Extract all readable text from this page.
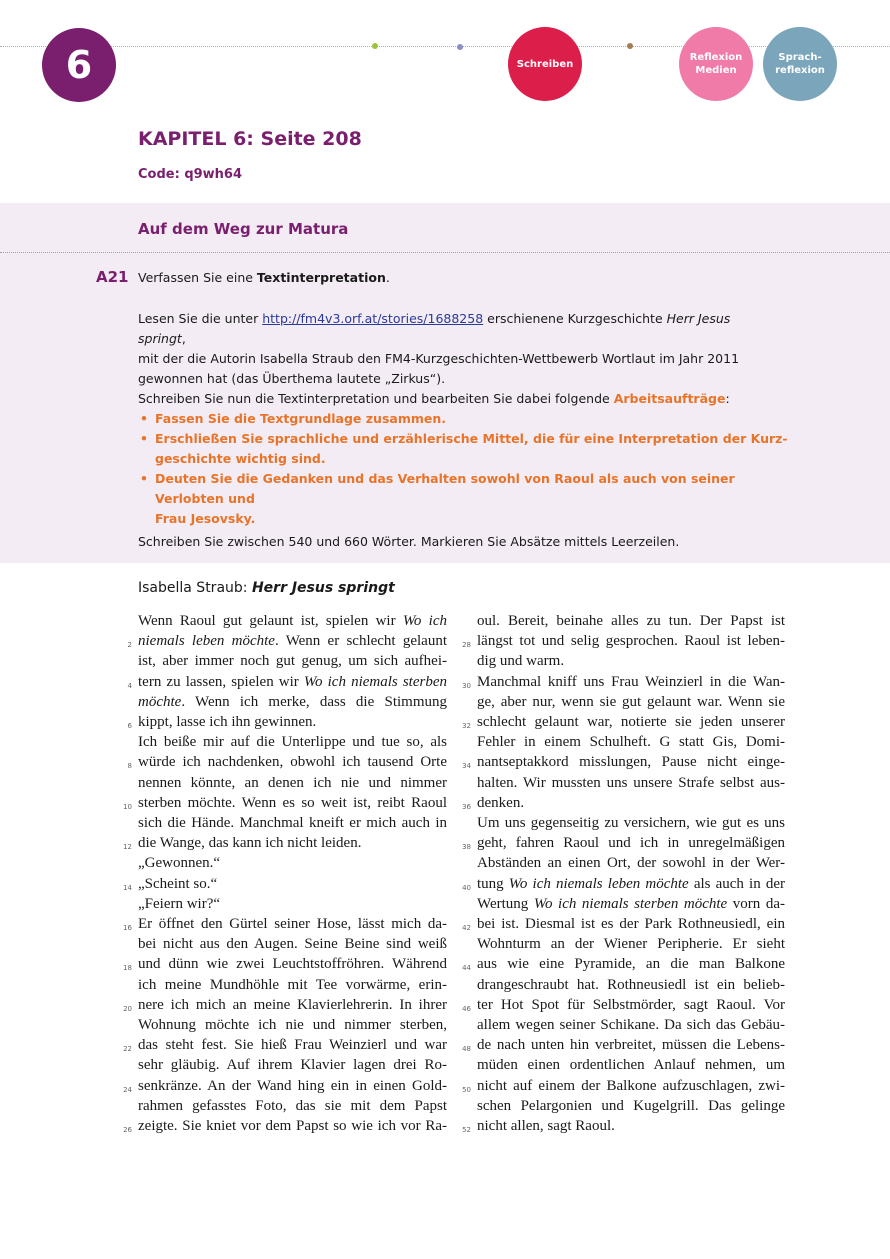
6	Schreiben
Reflexion
Medien
Sprach-
reflexion
KAPITEL 6: Seite 208
Code: q9wh64
Auf dem Weg zur Matura
A21 Verfassen Sie eine Textinterpretation.
Lesen Sie die unter http://fm4v3.orf.at/stories/1688258 erschienene Kurzgeschichte Herr Jesus springt,
mit der die Autorin Isabella Straub den FM4-Kurzgeschichten-Wettbewerb Wortlaut im Jahr 2011
gewonnen hat (das Überthema lautete „Zirkus“).
Schreiben Sie nun die Textinterpretation und bearbeiten Sie dabei folgende Arbeitsaufträge:
• Fassen Sie die Textgrundlage zusammen.
• Erschließen Sie sprachliche und erzählerische Mittel, die für eine Interpretation der Kurz-
geschichte wichtig sind.
• Deuten Sie die Gedanken und das Verhalten sowohl von Raoul als auch von seiner Verlobten und
Frau Jesovsky.
Schreiben Sie zwischen 540 und 660 Wörter. Markieren Sie Absätze mittels Leerzeilen.
Isabella Straub: Herr Jesus springt
Wenn Raoul gut gelaunt ist, spielen wir Wo ich
2 niemals leben möchte. Wenn er schlecht gelaunt
ist, aber immer noch gut genug, um sich aufhei-
4 tern zu lassen, spielen wir Wo ich niemals sterben
möchte. Wenn ich merke, dass die Stimmung
6 kippt, lasse ich ihn gewinnen.
Ich beiße mir auf die Unterlippe und tue so, als
8 würde ich nachdenken, obwohl ich tausend Orte
nennen könnte, an denen ich nie und nimmer
10 sterben möchte. Wenn es so weit ist, reibt Raoul
sich die Hände. Manchmal kneift er mich auch in
12 die Wange, das kann ich nicht leiden.
„Gewonnen.“
14 „Scheint so.“
„Feiern wir?“
16 Er öffnet den Gürtel seiner Hose, lässt mich da-
bei nicht aus den Augen. Seine Beine sind weiß
18 und dünn wie zwei Leuchtstoffröhren. Während
ich meine Mundhöhle mit Tee vorwärme, erin-
20 nere ich mich an meine Klavierlehrerin. In ihrer
Wohnung möchte ich nie und nimmer sterben,
22 das steht fest. Sie hieß Frau Weinzierl und war
sehr gläubig. Auf ihrem Klavier lagen drei Ro-
24 senkränze. An der Wand hing ein in einen Gold-
rahmen gefasstes Foto, das sie mit dem Papst
26 zeigte. Sie kniet vor dem Papst so wie ich vor Ra-
oul. Bereit, beinahe alles zu tun. Der Papst ist
28 längst tot und selig gesprochen. Raoul ist leben-
dig und warm.
30 Manchmal kniff uns Frau Weinzierl in die Wan-
ge, aber nur, wenn sie gut gelaunt war. Wenn sie
32 schlecht gelaunt war, notierte sie jeden unserer
Fehler in einem Schulheft. G statt Gis, Domi-
34 nantseptakkord misslungen, Pause nicht einge-
halten. Wir mussten uns unsere Strafe selbst aus-
36 denken.
Um uns gegenseitig zu versichern, wie gut es uns
38 geht, fahren Raoul und ich in unregelmäßigen
Abständen an einen Ort, der sowohl in der Wer-
40 tung Wo ich niemals leben möchte als auch in der
Wertung Wo ich niemals sterben möchte vorn da-
42 bei ist. Diesmal ist es der Park Rothneusiedl, ein
Wohnturm an der Wiener Peripherie. Er sieht
44 aus wie eine Pyramide, an die man Balkone
drangeschraubt hat. Rothneusiedl ist ein belieb-
46 ter Hot Spot für Selbstmörder, sagt Raoul. Vor
allem wegen seiner Schikane. Da sich das Gebäu-
48 de nach unten hin verbreitet, müssen die Lebens-
müden einen ordentlichen Anlauf nehmen, um
50 nicht auf einem der Balkone aufzuschlagen, zwi-
schen Pelargonien und Kugelgrill. Das gelinge
52 nicht allen, sagt Raoul.
